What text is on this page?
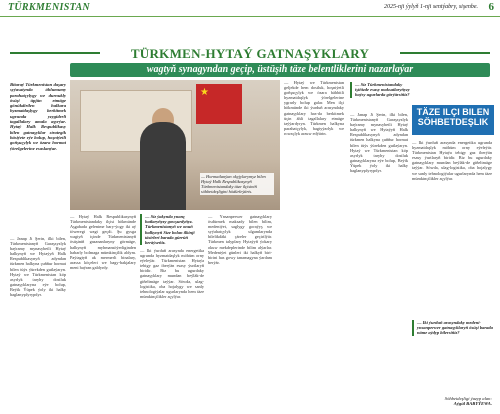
TÜRKMENISTAN	2025-nji ýylyň 1-nji sentýabry, sişenbe. 6
TÜRKMEN-HYTAÝ GATNAŞYKLARY
wagtyň synagyndan geçip, üstüşih täze belentliklerini nazarlaýar
Bitaraý Türkmenistan daşary syýasatynda ählumumy parahatçylygy we durnukly ösüşi üpjün etmäge gönükdirilen halkara hyzmatdaşlygy berkitmek ugrunda yzygiderli tagallalary amala aşyrýar. Hytaý Halk Respublikasy bilen gatnaşyklar strategik häsiýete eýe bolup, hoşniýetli goňşuçylyk we özara hormat ýörelgelerine esaslanýar.
★
— Hormatlanýan okyjylarymyz bilen Hytaý Halk Respublikasynyň Türkmenistandaky täze ilçisiniň söhbetdeşligini hödürleýäris.
TÄZE ILÇI BILEN
SÖHBETDEŞLIK
— Janap Ji Şerin, ilki bilen, Türkmenistanyň Garaşsyzlyk baýramy mynasybetli Hytaý halkynyň we Hytaýyň Halk Respublikasynyň adyndan türkmen halkyna çuňňur hormat bilen tüýs ýürekden gutlaýaryn. Hytaý we Türkmenistan köp asyrlyk taryhy dostluk gatnaşyklaryna eýe bolup, Beýik Ýüpek ýoly iki halky baglanyşdyrypdyr.
— Hytaý Halk Respublikasynyň Türkmenistandaky ilçisi hökmünde Aşgabada gelenime bary-ýogy iki aý töweregi wagt geçdi. Şu gysga wagtyň içinde Türkmenistanyň ösüşiniň gazananlaryny görmäge, halkynyň myhmansöýerliginden habarly bolmaga mümkinçilik aldym. Paýtagtyň ak mermerli binalary, arassa köçeleri we bagy-bakjalary meni haýran galdyrdy.
— Siz ýakynda ynanç hatlaryňyzy gowşurdyňyz. Türkmenistanyň we onuň halkynyň Size bolan ilkinji täsirleri barada gürrüň beräýseňiz.
— Iki ýurduň arasynda energetika ugrunda hyzmatdaşlyk möhüm orny eýeleýär. Türkmenistan Hytaýa tebigy gaz iberýän esasy ýurtlaryň biridir. Biz bu ugurdaky gatnaşyklary mundan beýläk-de giňeltmäge taýýar. Söwda, ulag-logistika, oba hojalygy we sanly tehnologiýalar ugurlarynda hem täze mümkinçilikler açylýar.
— Ynsanperwer gatnaşyklary ösdürmek maksady bilen bilim, medeniýet, saglygy goraýyş we syýahatçylyk ulgamlarynda bilelikdäki çäreler geçirilýär. Türkmen talyplary Hytaýyň ýokary okuw mekdeplerinde bilim alýarlar. Medeniýet günleri iki halkyň biri-birini has gowy tanamagyna ýardam berýär.
— Hytaý we Türkmenistan geljekde hem dostluk, hoşniýetli goňşuçylyk we özara bähbitli hyzmatdaşlyk ýörelgelerine ygrarly bolup galar. Men ilçi hökmünde iki ýurduň arasyndaky gatnaşyklary has-da berkitmek üçin ähli tagallalary etmäge taýýardyryn. Türkmen halkyna parahatçylyk, bagtyýarlyk we rowaçlyk arzuw edýärin.
— Siz Türkmenistandaky işiňizde esasy maksatlaryňyzy haýsy ugurlarda görýärsiňiz?
— Janap Ji Şerin, ilki bilen, Türkmenistanyň Garaşsyzlyk baýramy mynasybetli Hytaý halkynyň we Hytaýyň Halk Respublikasynyň adyndan türkmen halkyna çuňňur hormat bilen tüýs ýürekden gutlaýaryn. Hytaý we Türkmenistan köp asyrlyk taryhy dostluk gatnaşyklaryna eýe bolup, Beýik Ýüpek ýoly iki halky baglanyşdyrypdyr.
— Iki ýurduň arasynda energetika ugrunda hyzmatdaşlyk möhüm orny eýeleýär. Türkmenistan Hytaýa tebigy gaz iberýän esasy ýurtlaryň biridir. Biz bu ugurdaky gatnaşyklary mundan beýläk-de giňeltmäge taýýar. Söwda, ulag-logistika, oba hojalygy we sanly tehnologiýalar ugurlarynda hem täze mümkinçilikler açylýar.
— Iki ýurduň arasyndaky medeni-ynsanperwer gatnaşyklaryň ösüşi barada näme aýdyp bilersiňiz?
Söhbetdeşligi ýazyp alan:
Aýgül BABYÝEWA.
